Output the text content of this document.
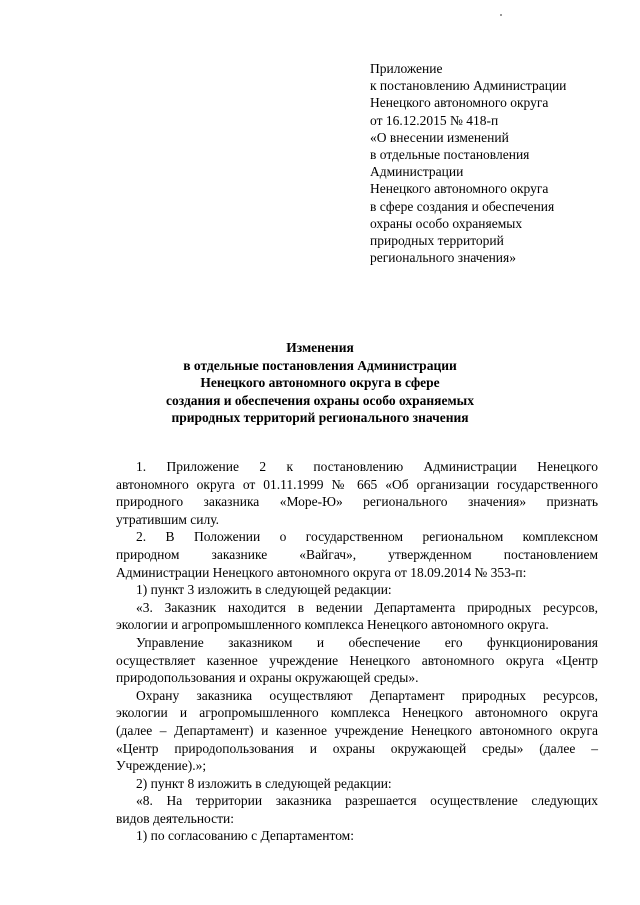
Приложение
к постановлению Администрации
Ненецкого автономного округа
от 16.12.2015 № 418-п
«О внесении изменений
в отдельные постановления
Администрации
Ненецкого автономного округа
в сфере создания и обеспечения
охраны особо охраняемых
природных территорий
регионального значения»
Изменения
в отдельные постановления Администрации
Ненецкого автономного округа в сфере
создания и обеспечения охраны особо охраняемых
природных территорий регионального значения
1. Приложение 2 к постановлению Администрации Ненецкого
автономного округа от 01.11.1999 № 665 «Об организации государственного
природного заказника «Море-Ю» регионального значения» признать
утратившим силу.
2. В Положении о государственном региональном комплексном
природном заказнике «Вайгач», утвержденном постановлением
Администрации Ненецкого автономного округа от 18.09.2014 № 353-п:
1) пункт 3 изложить в следующей редакции:
«3. Заказник находится в ведении Департамента природных ресурсов,
экологии и агропромышленного комплекса Ненецкого автономного округа.
Управление заказником и обеспечение его функционирования
осуществляет казенное учреждение Ненецкого автономного округа «Центр
природопользования и охраны окружающей среды».
Охрану заказника осуществляют Департамент природных ресурсов,
экологии и агропромышленного комплекса Ненецкого автономного округа
(далее – Департамент) и казенное учреждение Ненецкого автономного округа
«Центр природопользования и охраны окружающей среды» (далее –
Учреждение).»;
2) пункт 8 изложить в следующей редакции:
«8. На территории заказника разрешается осуществление следующих
видов деятельности:
1) по согласованию с Департаментом:
